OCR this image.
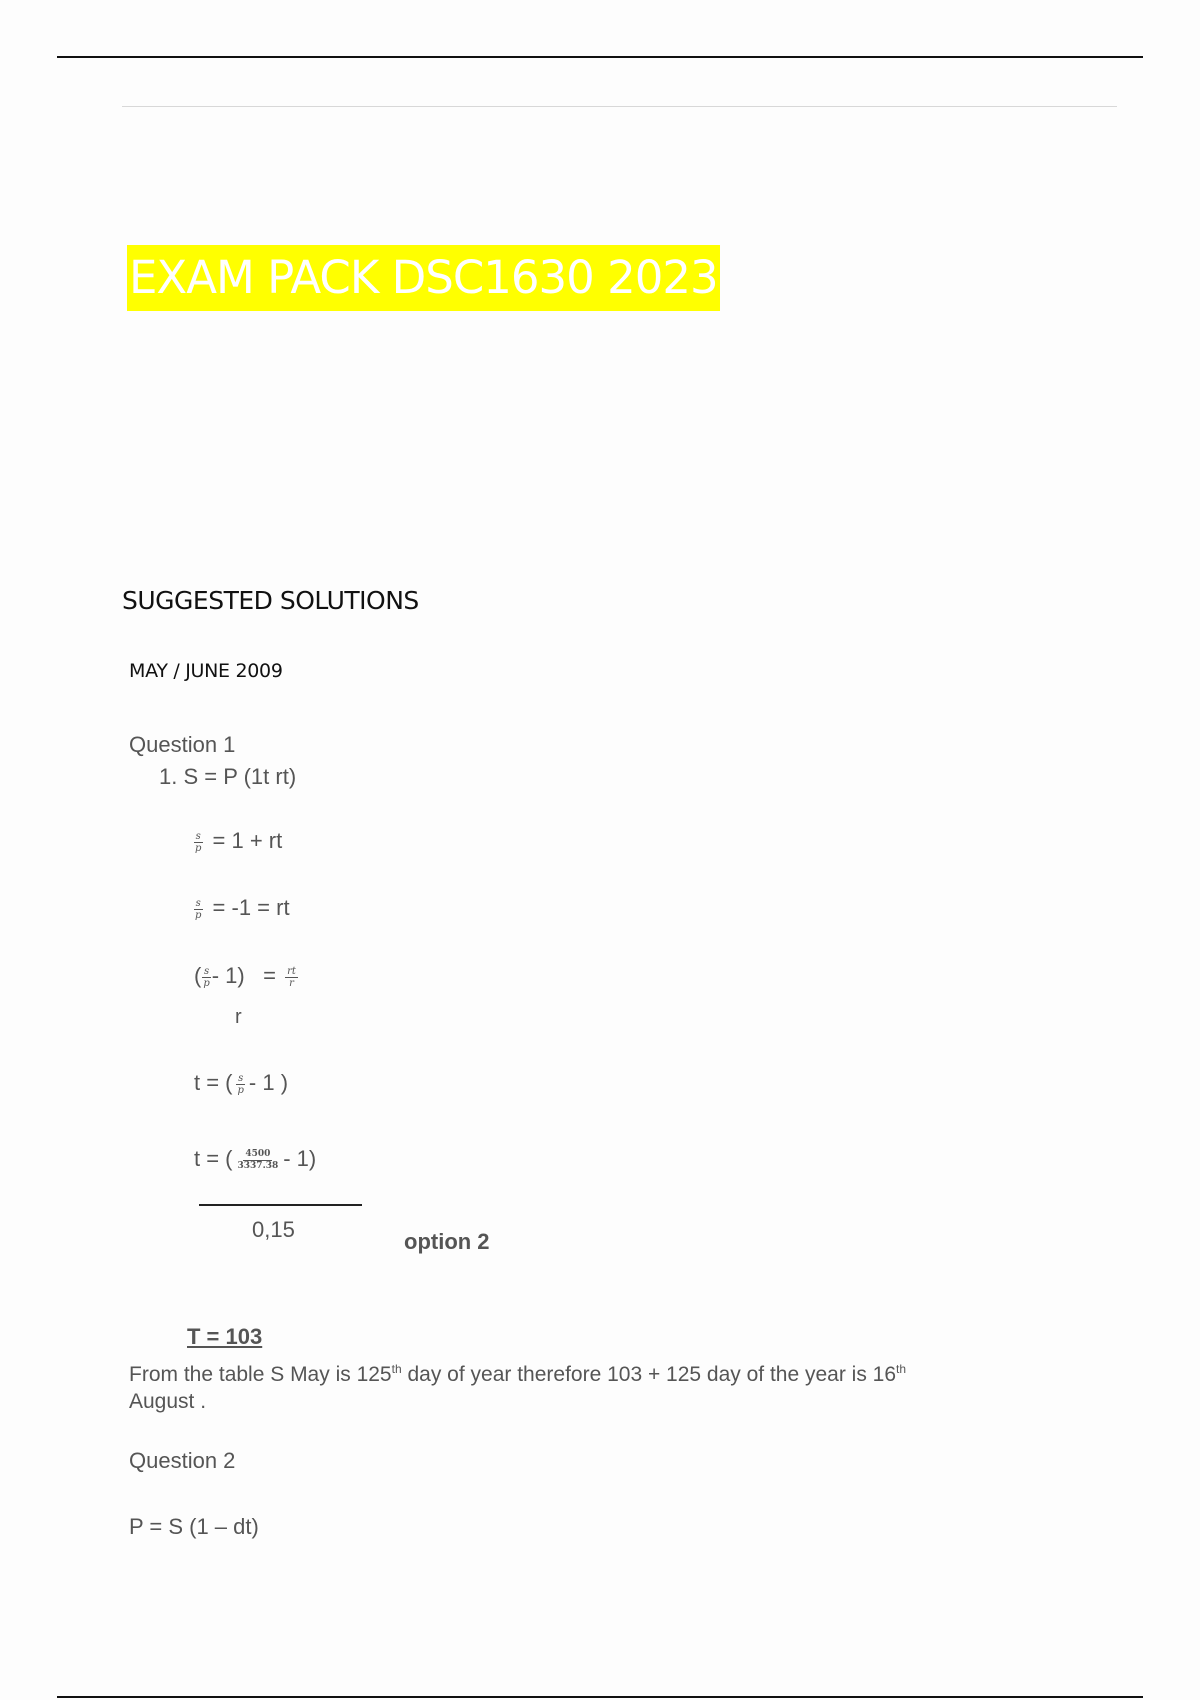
EXAM PACK DSC1630 2023
SUGGESTED SOLUTIONS
MAY / JUNE 2009
Question 1
1. S = P (1t rt)
$\frac{s}{p} = 1$ + rt
$\frac{s}{p} = -1$ = rt
( $\frac{s}{p} - 1) = \frac{rt}{r}$
r
t = ( $\frac{s}{p} - 1$ )
t = ( $\frac{4500}{3337.38} - 1$)
0,15	option 2
T = 103
From the table S May is 125th day of year therefore 103 + 125 day of the year is 16th
August .
Question 2
P = S (1 – dt)
